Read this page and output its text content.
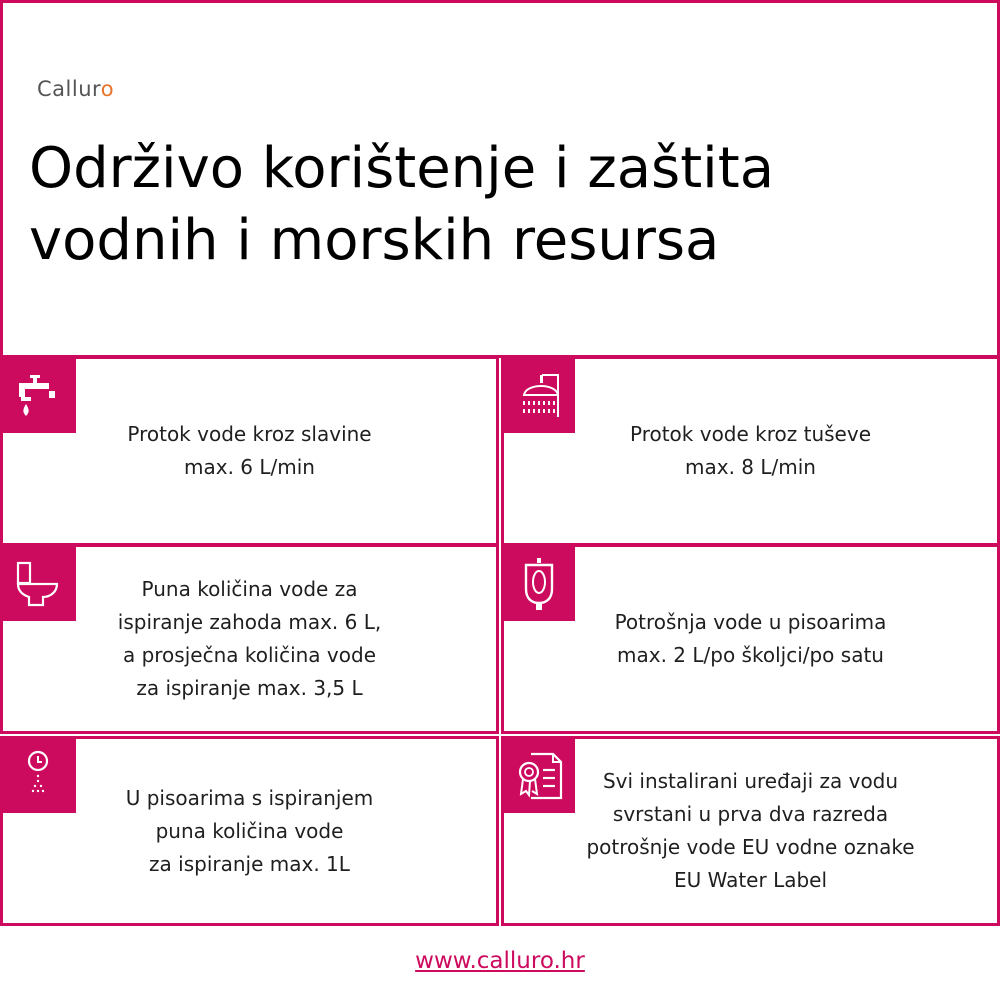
Calluro
Održivo korištenje i zaštita
vodnih i morskih resursa
Protok vode kroz slavine
max. 6 L/min
Protok vode kroz tuševe
max. 8 L/min
Puna količina vode za
ispiranje zahoda max. 6 L,
a prosječna količina vode
za ispiranje max. 3,5 L
Potrošnja vode u pisoarima
max. 2 L/po školjci/po satu
U pisoarima s ispiranjem
puna količina vode
za ispiranje max. 1L
Svi instalirani uređaji za vodu
svrstani u prva dva razreda
potrošnje vode EU vodne oznake
EU Water Label
www.calluro.hr
